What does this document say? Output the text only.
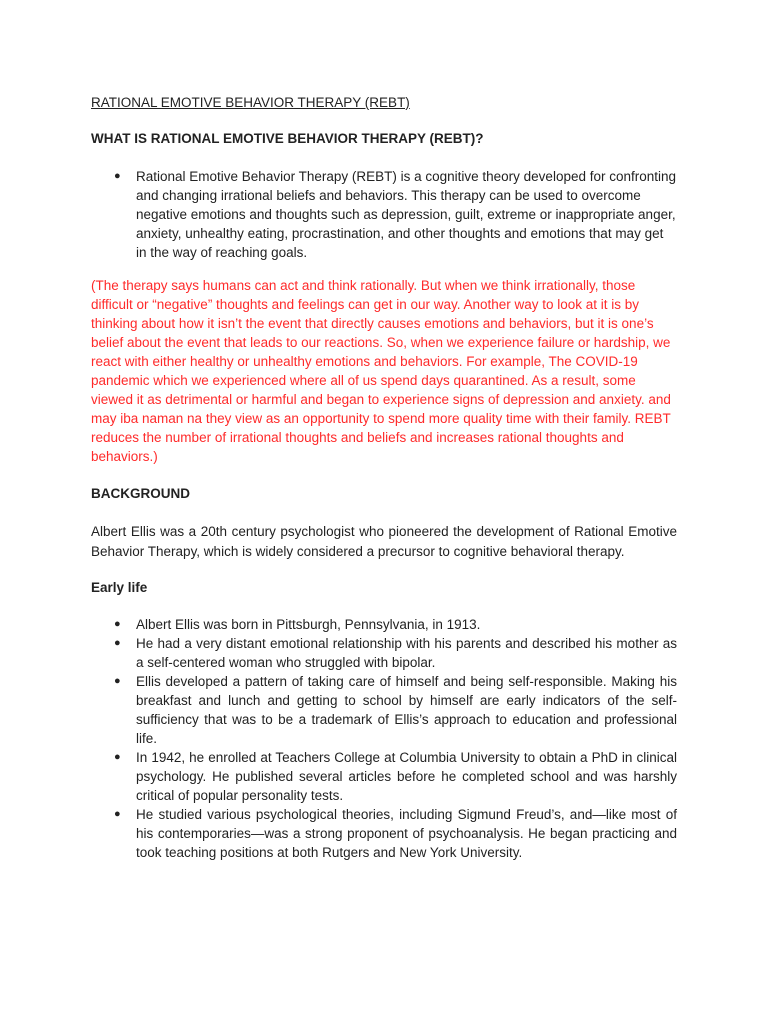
RATIONAL EMOTIVE BEHAVIOR THERAPY (REBT)
WHAT IS RATIONAL EMOTIVE BEHAVIOR THERAPY (REBT)?
● Rational Emotive Behavior Therapy (REBT) is a cognitive theory developed for confronting and changing irrational beliefs and behaviors. This therapy can be used to overcome negative emotions and thoughts such as depression, guilt, extreme or inappropriate anger, anxiety, unhealthy eating, procrastination, and other thoughts and emotions that may get in the way of reaching goals.

(The therapy says humans can act and think rationally. But when we think irrationally, those difficult or “negative” thoughts and feelings can get in our way. Another way to look at it is by thinking about how it isn’t the event that directly causes emotions and behaviors, but it is one’s belief about the event that leads to our reactions. So, when we experience failure or hardship, we react with either healthy or unhealthy emotions and behaviors. For example, The COVID-19 pandemic which we experienced where all of us spend days quarantined. As a result, some viewed it as detrimental or harmful and began to experience signs of depression and anxiety. and may iba naman na they view as an opportunity to spend more quality time with their family. REBT reduces the number of irrational thoughts and beliefs and increases rational thoughts and behaviors.)

BACKGROUND

Albert Ellis was a 20th century psychologist who pioneered the development of Rational Emotive Behavior Therapy, which is widely considered a precursor to cognitive behavioral therapy.

Early life
● Albert Ellis was born in Pittsburgh, Pennsylvania, in 1913.
● He had a very distant emotional relationship with his parents and described his mother as a self-centered woman who struggled with bipolar.
● Ellis developed a pattern of taking care of himself and being self-responsible. Making his breakfast and lunch and getting to school by himself are early indicators of the self-sufficiency that was to be a trademark of Ellis’s approach to education and professional life.
● In 1942, he enrolled at Teachers College at Columbia University to obtain a PhD in clinical psychology. He published several articles before he completed school and was harshly critical of popular personality tests.
● He studied various psychological theories, including Sigmund Freud’s, and—like most of his contemporaries—was a strong proponent of psychoanalysis. He began practicing and took teaching positions at both Rutgers and New York University.
